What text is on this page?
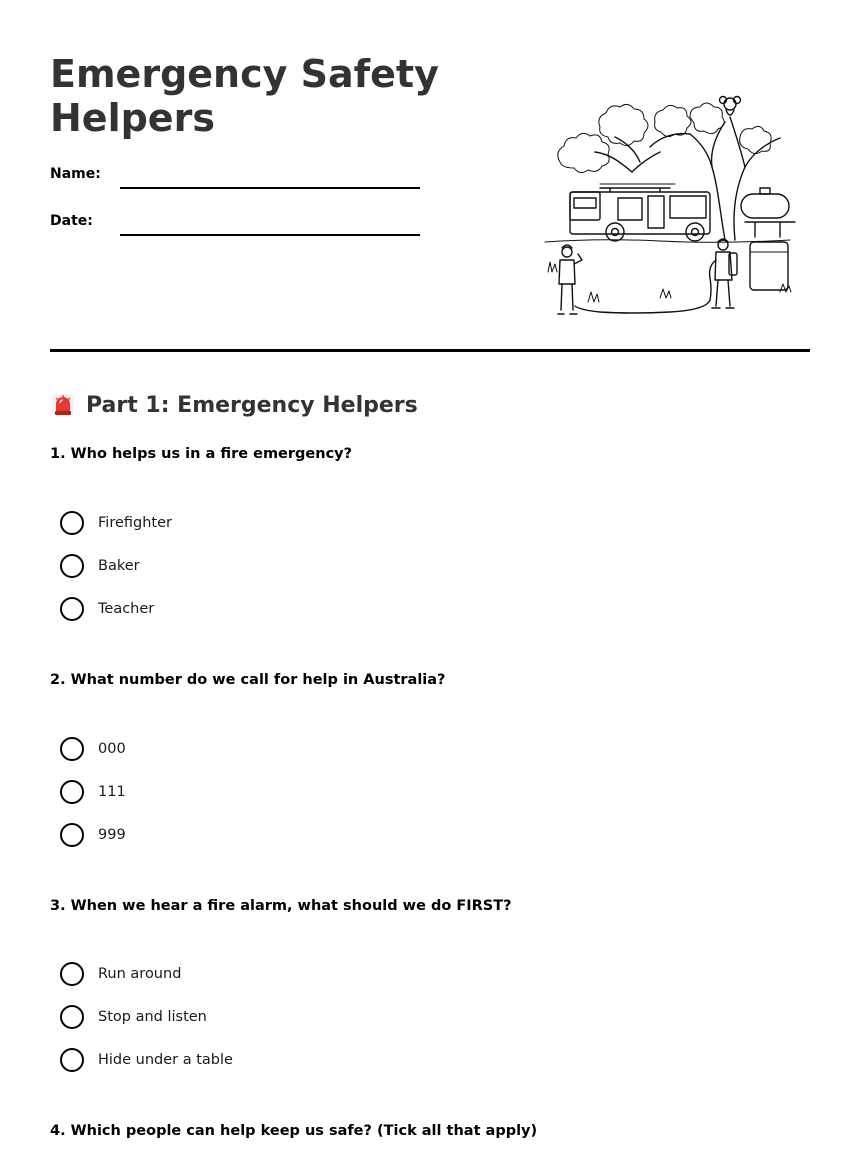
Emergency Safety Helpers
Name:
Date:
Part 1: Emergency Helpers
1. Who helps us in a fire emergency?
Firefighter
Baker
Teacher
2. What number do we call for help in Australia?
000
111
999
3. When we hear a fire alarm, what should we do FIRST?
Run around
Stop and listen
Hide under a table
4. Which people can help keep us safe? (Tick all that apply)
